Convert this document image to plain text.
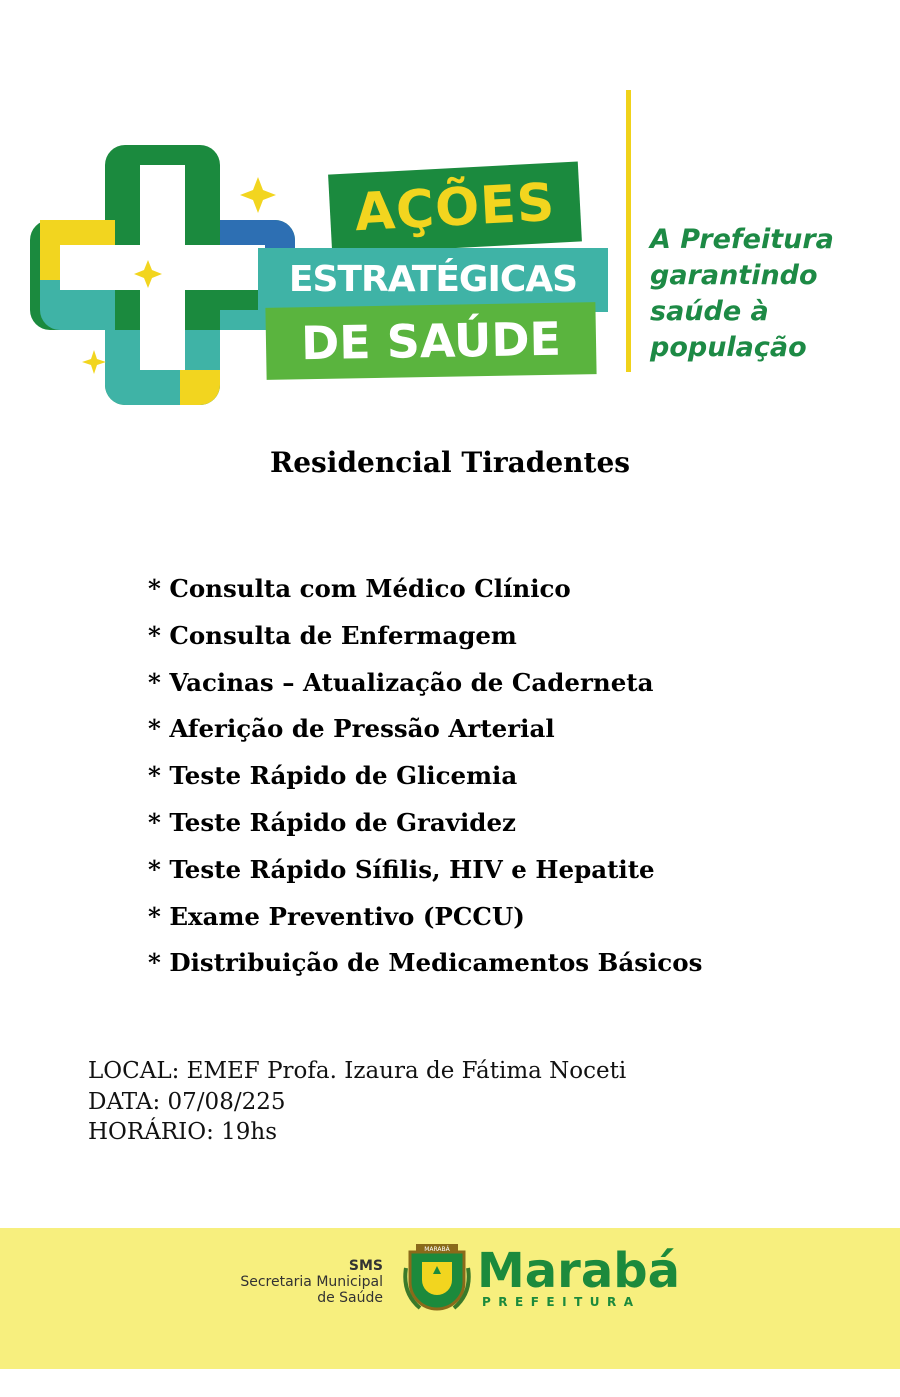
AÇÕES
ESTRATÉGICAS
DE SAÚDE
A Prefeitura
garantindo
saúde à
população
Residencial Tiradentes
* Consulta com Médico Clínico
* Consulta de Enfermagem
* Vacinas – Atualização de Caderneta
* Aferição de Pressão Arterial
* Teste Rápido de Glicemia
* Teste Rápido de Gravidez
* Teste Rápido Sífilis, HIV e Hepatite
* Exame Preventivo (PCCU)
* Distribuição de Medicamentos Básicos
LOCAL: EMEF Profa. Izaura de Fátima Noceti
DATA: 07/08/225
HORÁRIO: 19hs
SMS
Secretaria Municipal
de Saúde
MARABÁ Marabá
PREFEITURA
